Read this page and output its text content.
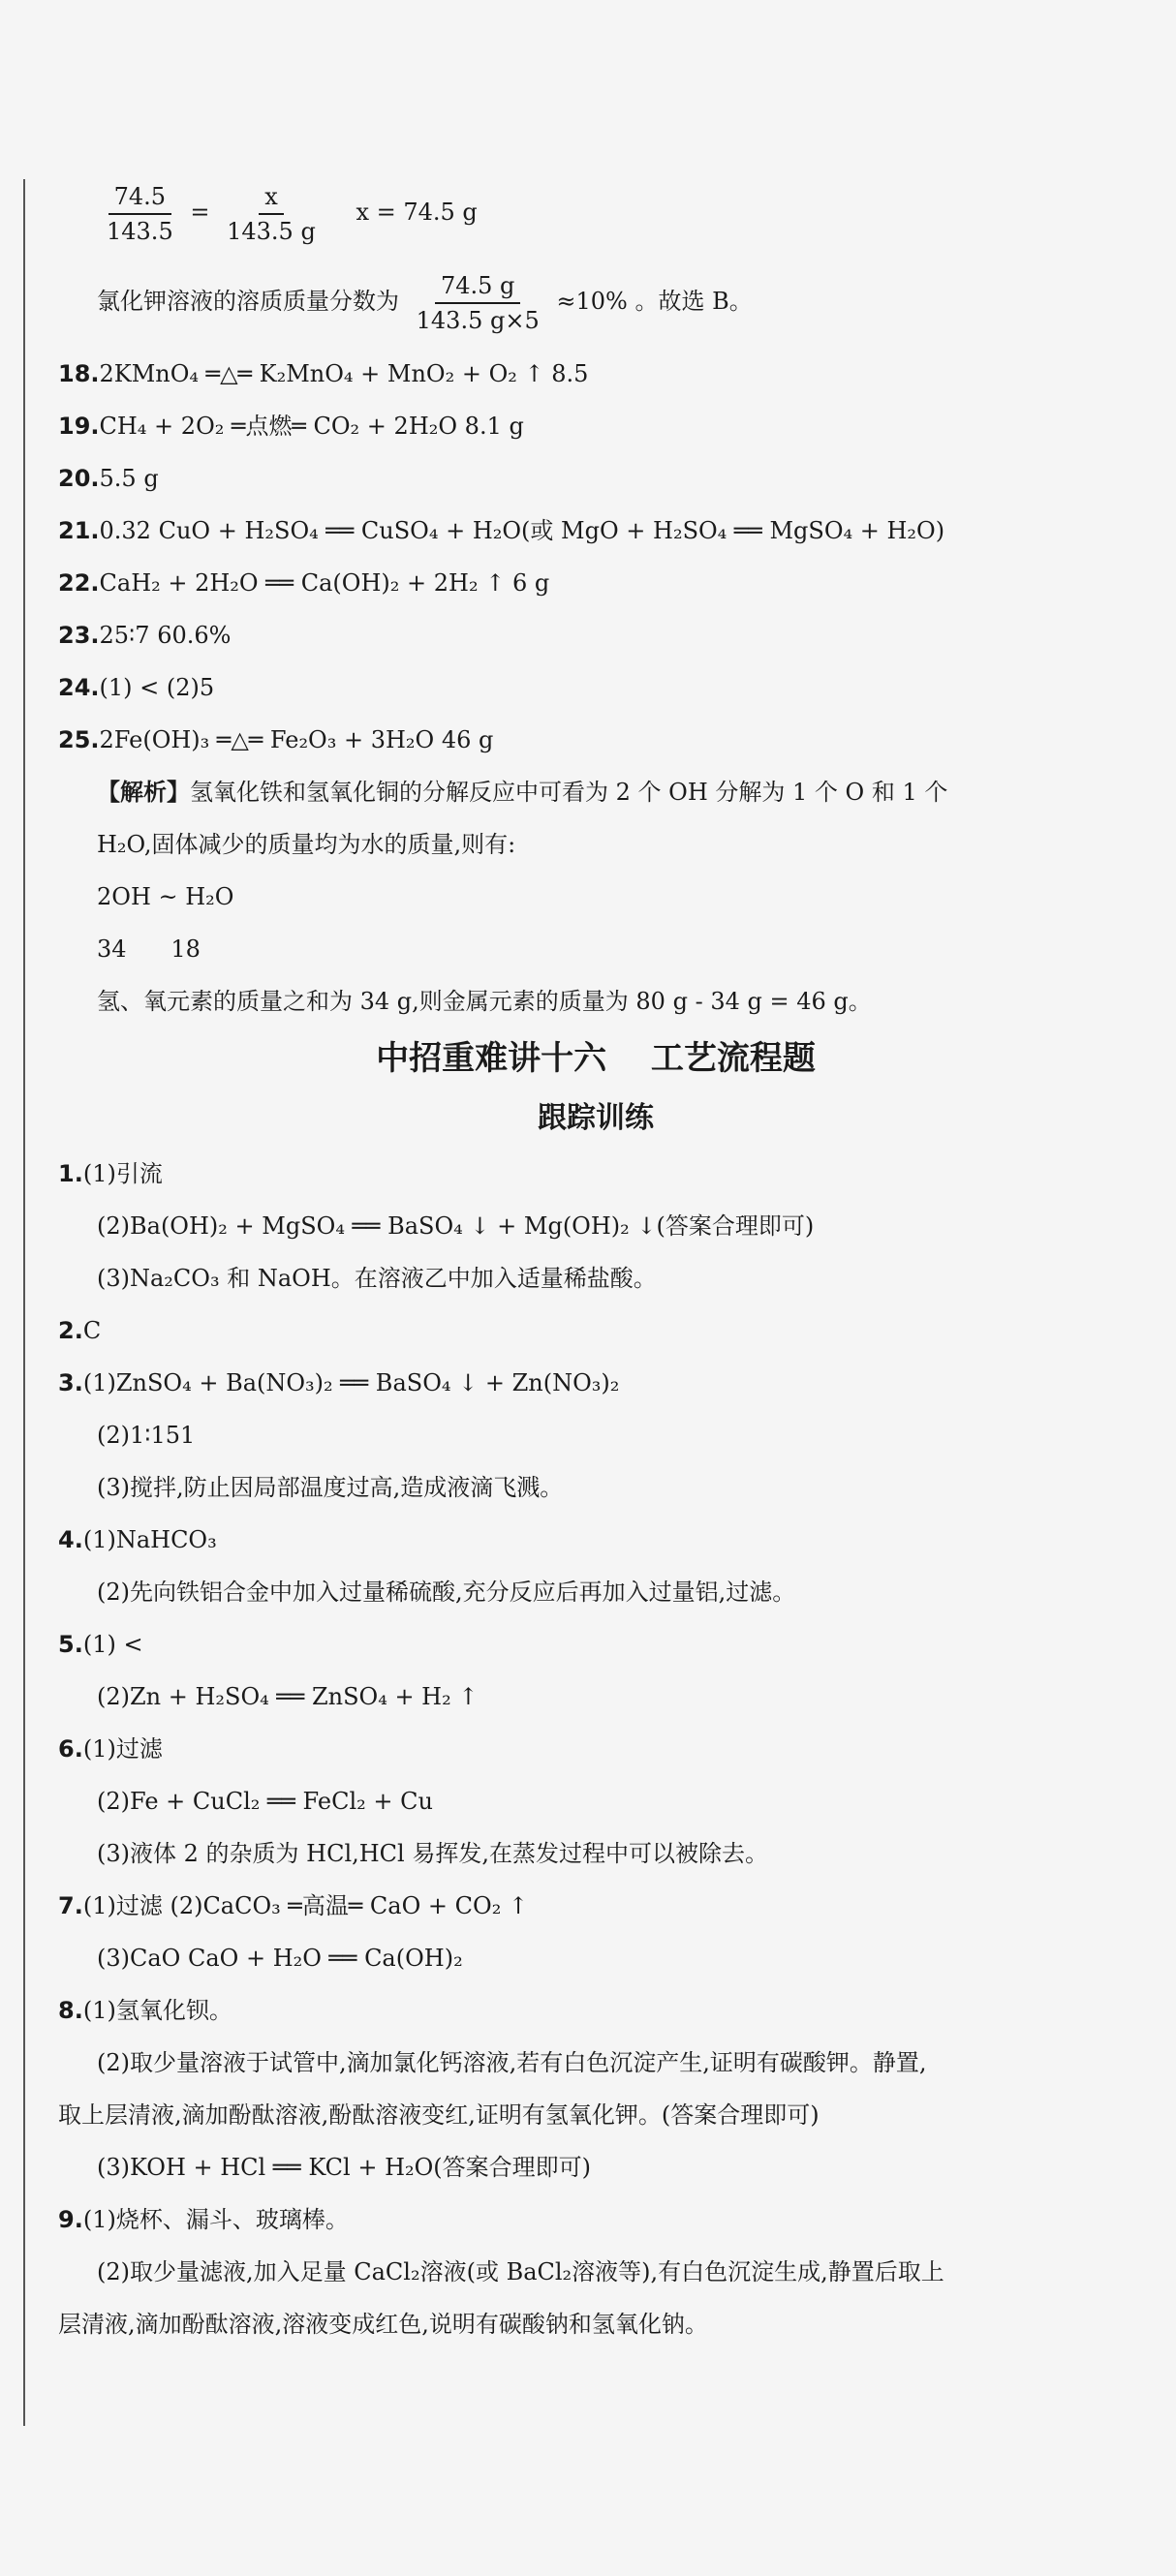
$\frac{74.5}{143.5} = \frac{x}{143.5 g}$ x = 74.5 g
氯化钾溶液的溶质质量分数为 $\frac{74.5 g}{143.5 g\times 5} \approx 10\%$ 。故选 B。
18.2KMnO₄ ═△═ K₂MnO₄ + MnO₂ + O₂ ↑ 8.5
19.CH₄ + 2O₂ ═点燃═ CO₂ + 2H₂O 8.1 g
20.5.5 g
21.0.32 CuO + H₂SO₄ ══ CuSO₄ + H₂O(或 MgO + H₂SO₄ ══ MgSO₄ + H₂O)
22.CaH₂ + 2H₂O ══ Ca(OH)₂ + 2H₂ ↑ 6 g
23.25∶7 60.6%
24.(1) < (2)5
25.2Fe(OH)₃ ═△═ Fe₂O₃ + 3H₂O 46 g
【解析】氢氧化铁和氢氧化铜的分解反应中可看为 2 个 OH 分解为 1 个 O 和 1 个
H₂O,固体减少的质量均为水的质量,则有:
2OH ~ H₂O
34      18
氢、氧元素的质量之和为 34 g,则金属元素的质量为 80 g - 34 g = 46 g。
中招重难讲十六　 工艺流程题
跟踪训练
1.(1)引流
(2)Ba(OH)₂ + MgSO₄ ══ BaSO₄ ↓ + Mg(OH)₂ ↓(答案合理即可)
(3)Na₂CO₃ 和 NaOH。在溶液乙中加入适量稀盐酸。
2.C
3.(1)ZnSO₄ + Ba(NO₃)₂ ══ BaSO₄ ↓ + Zn(NO₃)₂
(2)1∶151
(3)搅拌,防止因局部温度过高,造成液滴飞溅。
4.(1)NaHCO₃
(2)先向铁铝合金中加入过量稀硫酸,充分反应后再加入过量铝,过滤。
5.(1) <
(2)Zn + H₂SO₄ ══ ZnSO₄ + H₂ ↑
6.(1)过滤
(2)Fe + CuCl₂ ══ FeCl₂ + Cu
(3)液体 2 的杂质为 HCl,HCl 易挥发,在蒸发过程中可以被除去。
7.(1)过滤 (2)CaCO₃ ═高温═ CaO + CO₂ ↑
(3)CaO CaO + H₂O ══ Ca(OH)₂
8.(1)氢氧化钡。
(2)取少量溶液于试管中,滴加氯化钙溶液,若有白色沉淀产生,证明有碳酸钾。静置,
取上层清液,滴加酚酞溶液,酚酞溶液变红,证明有氢氧化钾。(答案合理即可)
(3)KOH + HCl ══ KCl + H₂O(答案合理即可)
9.(1)烧杯、漏斗、玻璃棒。
(2)取少量滤液,加入足量 CaCl₂溶液(或 BaCl₂溶液等),有白色沉淀生成,静置后取上
层清液,滴加酚酞溶液,溶液变成红色,说明有碳酸钠和氢氧化钠。
